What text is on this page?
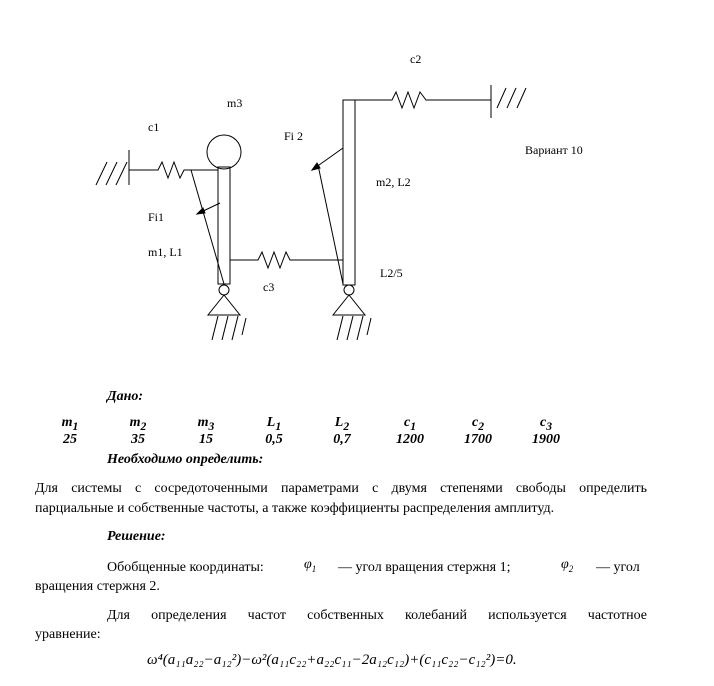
c2
m3
c1
Fi 2
Вариант 10
m2, L2
Fi1
m1, L1
L2/5
c3
Дано:
$m_1$	$m_2$	$m_3$	$L_1$	$L_2$	$c_1$	$c_2$	$c_3$
25	35	15	0,5	0,7	1200	1700	1900
Необходимо определить:
Для системы с сосредоточенными параметрами с двумя степенями свободы определить
парциальные и собственные частоты, а также коэффициенты распределения амплитуд.
Решение:
Обобщенные координаты:	$\varphi_1$ — угол вращения стержня 1;	$\varphi_2$ — угол
вращения стержня 2.
Для определения частот собственных колебаний используется частотное
уравнение:
ω⁴(a₁₁a₂₂−a₁₂²)−ω²(a₁₁c₂₂+a₂₂c₁₁−2a₁₂c₁₂)+(c₁₁c₂₂−c₁₂²)=0.
